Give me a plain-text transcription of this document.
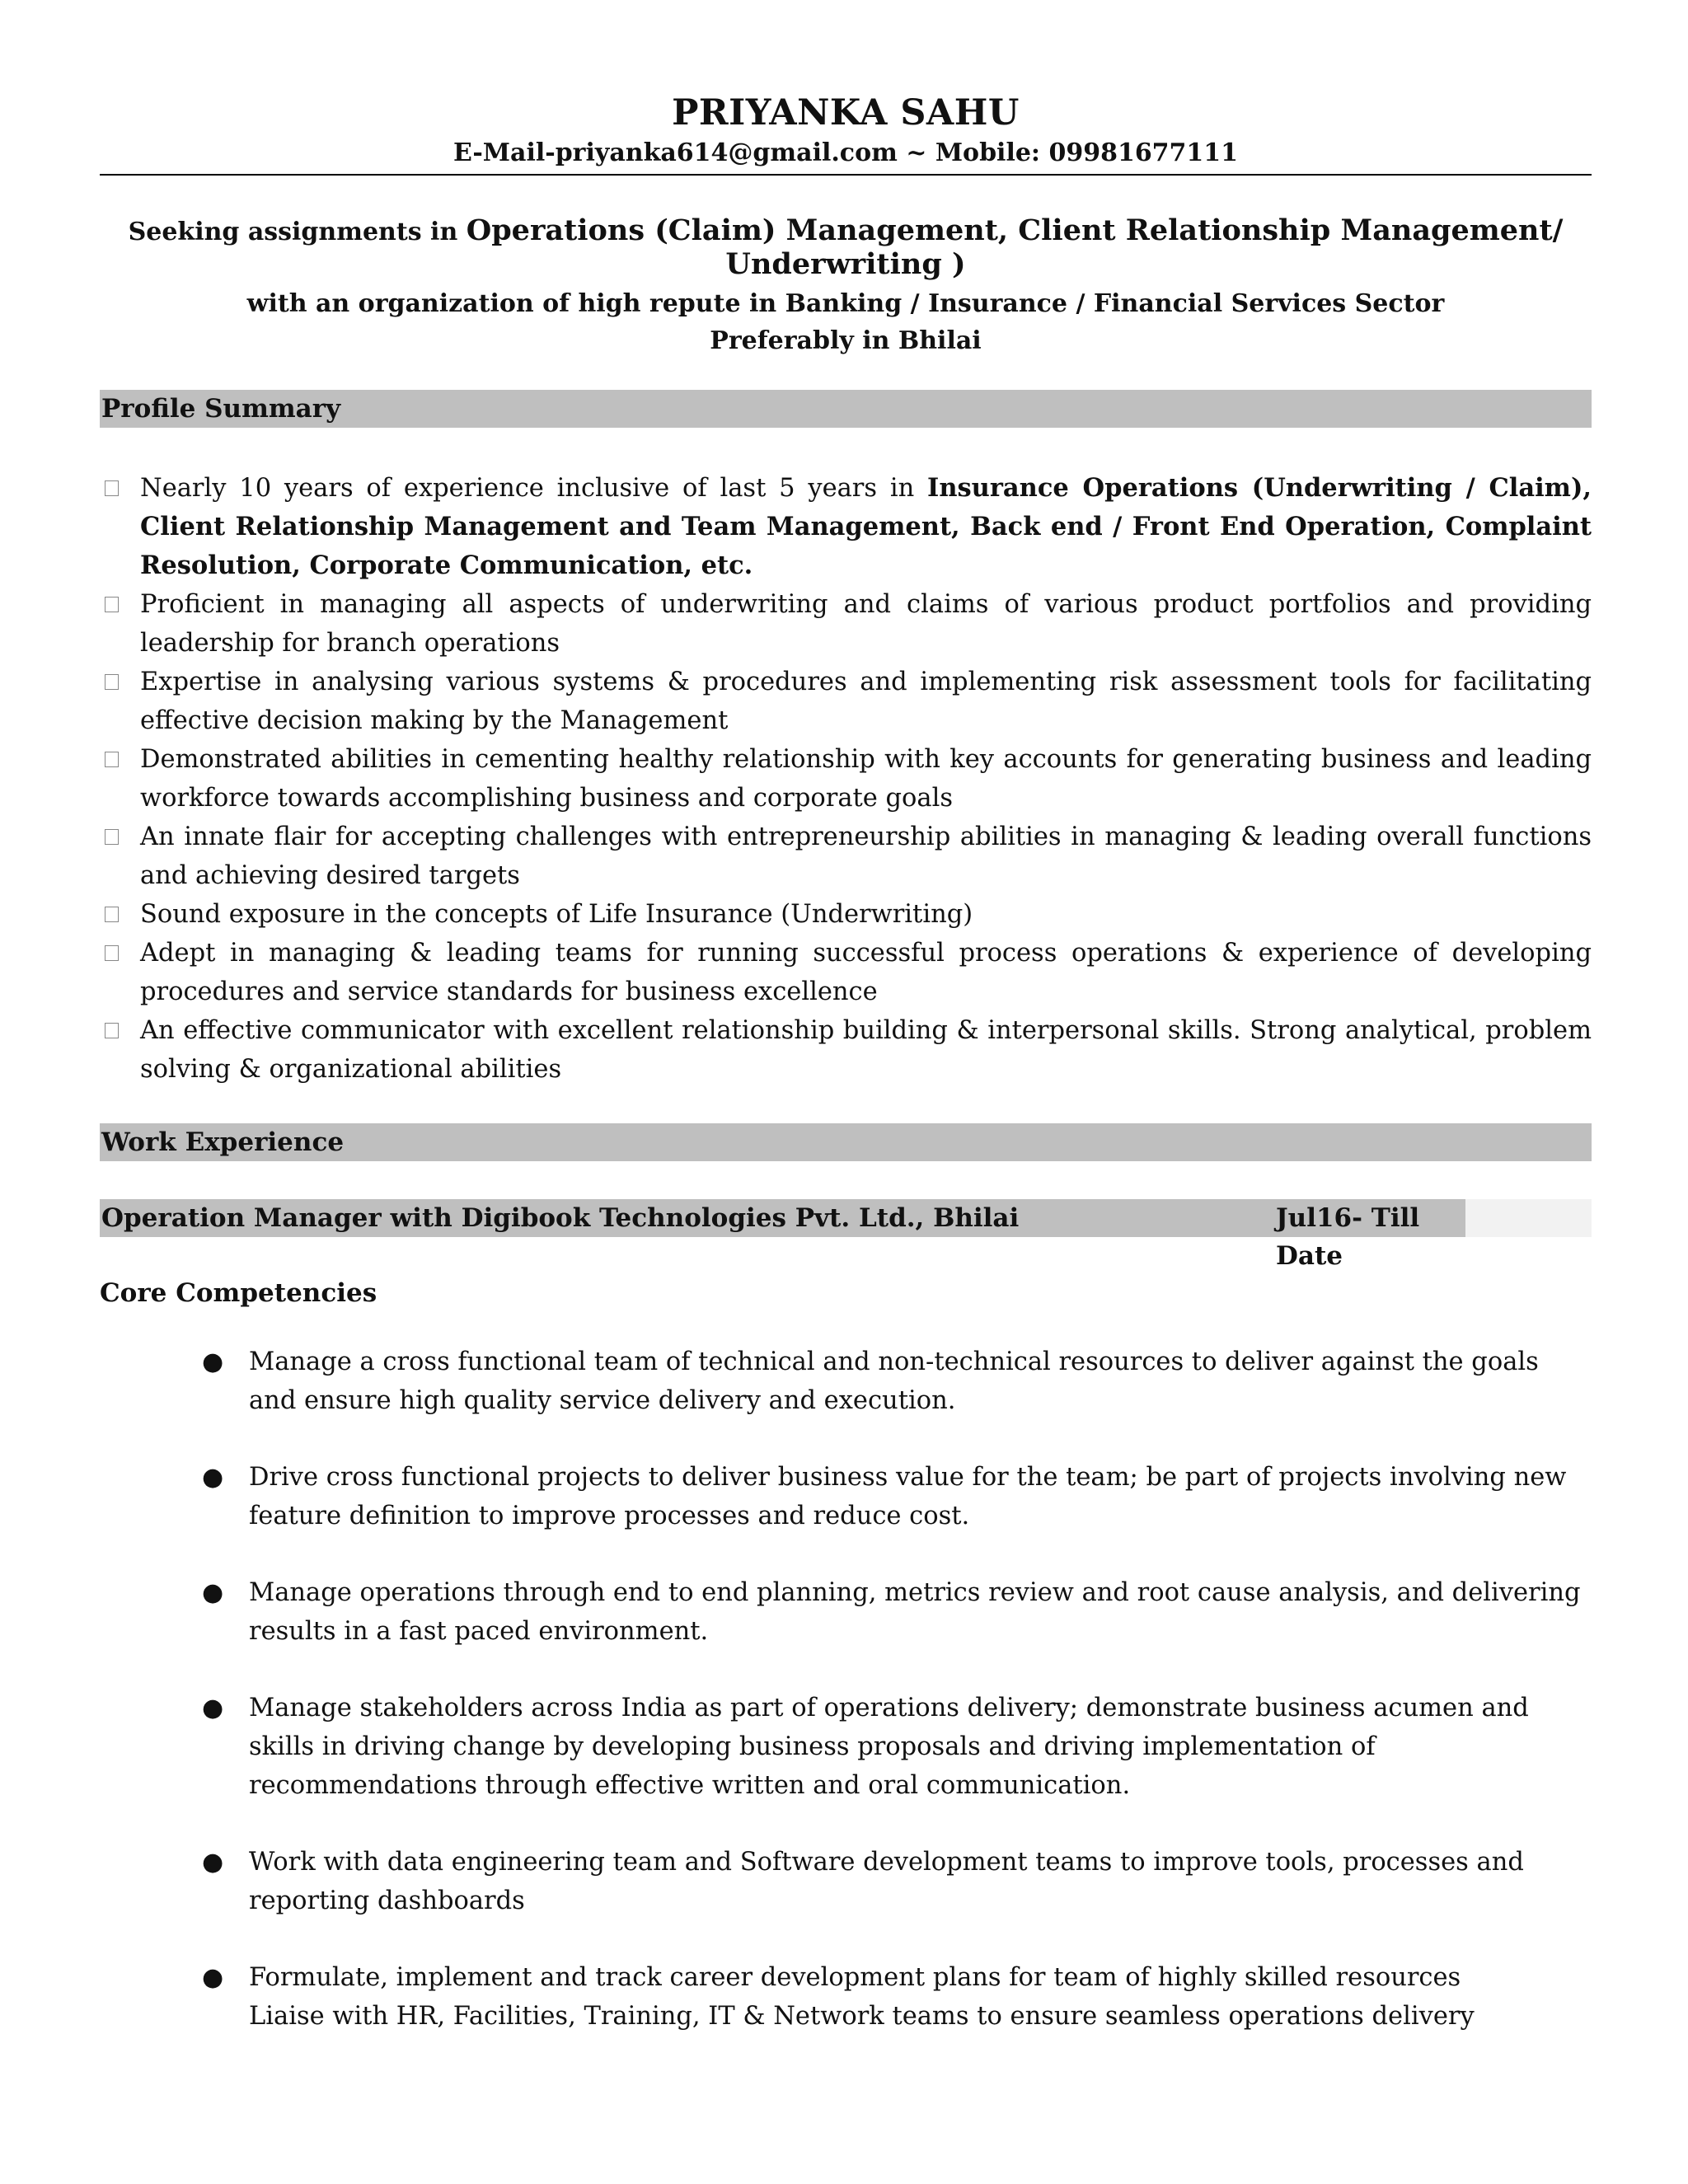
PRIYANKA SAHU
E-Mail-priyanka614@gmail.com ~ Mobile: 09981677111
Seeking assignments in Operations (Claim) Management, Client Relationship Management/ Underwriting )
with an organization of high repute in Banking / Insurance / Financial Services Sector
Preferably in Bhilai
Profile Summary
Nearly 10 years of experience inclusive of last 5 years in Insurance Operations (Underwriting / Claim), Client Relationship Management and Team Management, Back end / Front End Operation, Complaint Resolution, Corporate Communication, etc.
Proficient in managing all aspects of underwriting and claims of various product portfolios and providing leadership for branch operations
Expertise in analysing various systems & procedures and implementing risk assessment tools for facilitating effective decision making by the Management
Demonstrated abilities in cementing healthy relationship with key accounts for generating business and leading workforce towards accomplishing business and corporate goals
An innate flair for accepting challenges with entrepreneurship abilities in managing & leading overall functions and achieving desired targets
Sound exposure in the concepts of Life Insurance (Underwriting)
Adept in managing & leading teams for running successful process operations & experience of developing procedures and service standards for business excellence
An effective communicator with excellent relationship building & interpersonal skills. Strong analytical, problem solving & organizational abilities
Work Experience
Operation Manager with Digibook Technologies Pvt. Ltd., Bhilai	Jul16- Till Date
Core Competencies
● Manage a cross functional team of technical and non-technical resources to deliver against the goals and ensure high quality service delivery and execution.
● Drive cross functional projects to deliver business value for the team; be part of projects involving new feature definition to improve processes and reduce cost.
● Manage operations through end to end planning, metrics review and root cause analysis, and delivering results in a fast paced environment.
● Manage stakeholders across India as part of operations delivery; demonstrate business acumen and skills in driving change by developing business proposals and driving implementation of recommendations through effective written and oral communication.
● Work with data engineering team and Software development teams to improve tools, processes and reporting dashboards
● Formulate, implement and track career development plans for team of highly skilled resources
Liaise with HR, Facilities, Training, IT & Network teams to ensure seamless operations delivery
